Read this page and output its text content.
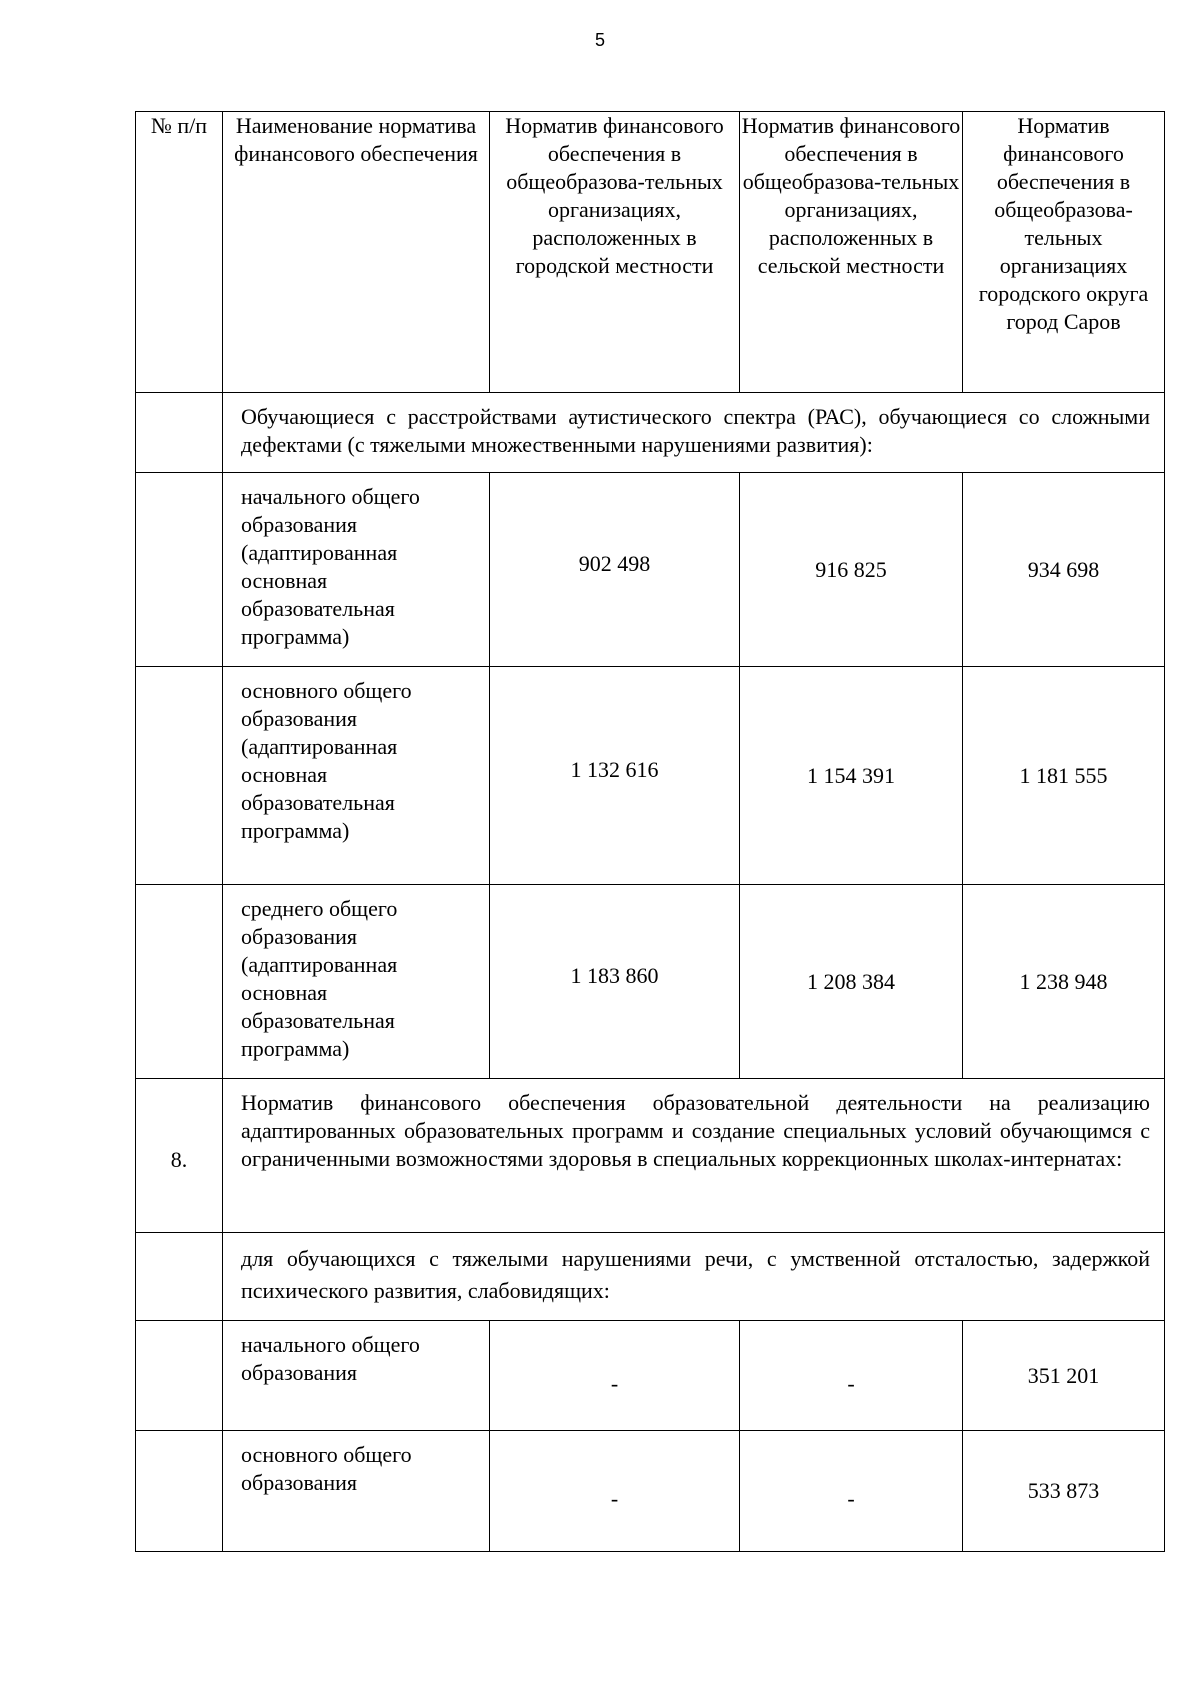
5
№ п/п	Наименование норматива финансового обеспечения	Норматив финансового обеспечения в общеобразова-тельных организациях, расположенных в городской местности	Норматив финансового обеспечения в общеобразова-тельных организациях, расположенных в сельской местности	Норматив финансового обеспечения в общеобразова-тельных организациях городского округа город Саров
	Обучающиеся с расстройствами аутистического спектра (РАС), обучающиеся со сложными дефектами (с тяжелыми множественными нарушениями развития):			
	начального общего образования (адаптированная основная образовательная программа)	902 498	916 825	934 698
	основного общего образования (адаптированная основная образовательная программа)	1 132 616	1 154 391	1 181 555
	среднего общего образования (адаптированная основная образовательная программа)	1 183 860	1 208 384	1 238 948
8.	Норматив финансового обеспечения образовательной деятельности на реализацию адаптированных образовательных программ и создание специальных условий обучающимся с ограниченными возможностями здоровья в специальных коррекционных школах-интернатах:			
	для обучающихся с тяжелыми нарушениями речи, с умственной отсталостью, задержкой психического развития, слабовидящих:			
	начального общего образования	-	-	351 201
	основного общего образования	-	-	533 873
